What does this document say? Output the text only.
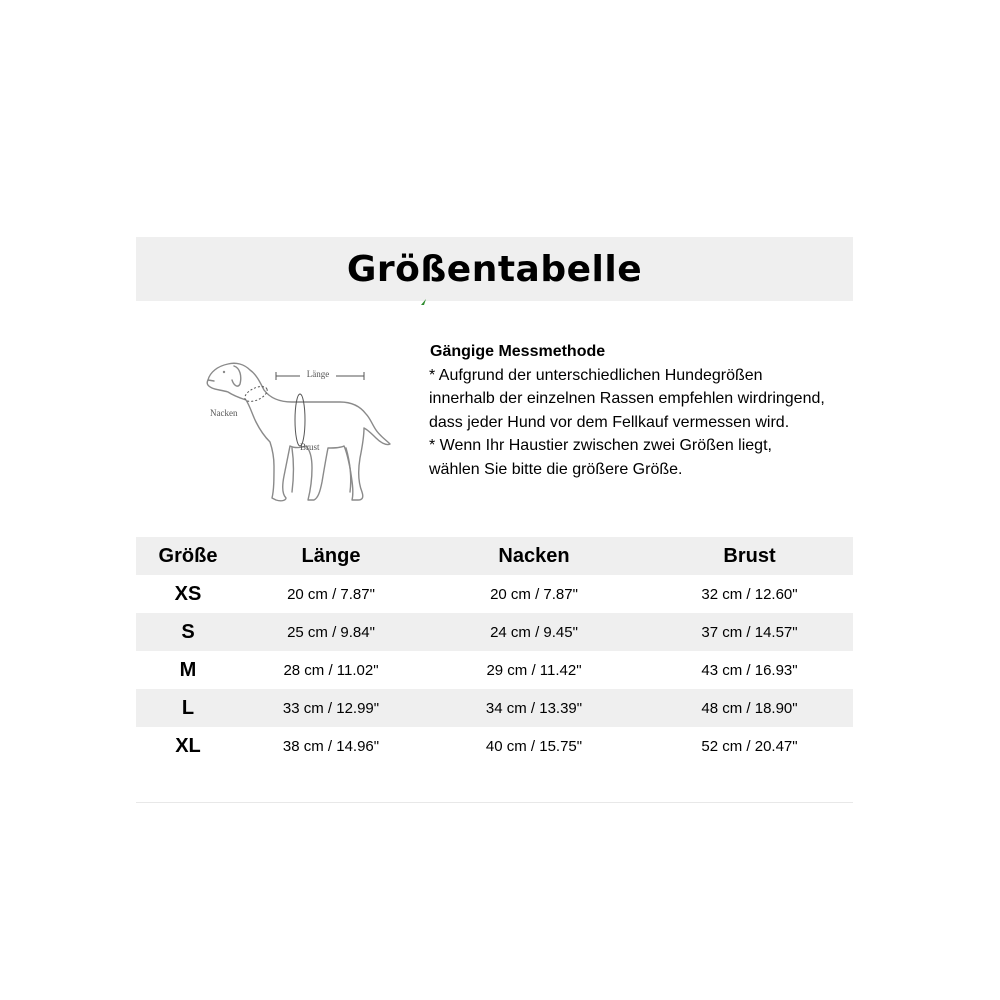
Größentabelle
Länge
Nacken
Brust

Gängige Messmethode

* Aufgrund der unterschiedlichen Hundegrößen innerhalb der einzelnen Rassen empfehlen wirdringend, dass jeder Hund vor dem Fellkauf vermessen wird.

* Wenn Ihr Haustier zwischen zwei Größen liegt, wählen Sie bitte die größere Größe.

Größe	Länge	Nacken	Brust
XS	20 cm / 7.87"	20 cm / 7.87"	32 cm / 12.60"
S	25 cm / 9.84"	24 cm / 9.45"	37 cm / 14.57"
M	28 cm / 11.02"	29 cm / 11.42"	43 cm / 16.93"
L	33 cm / 12.99"	34 cm / 13.39"	48 cm / 18.90"
XL	38 cm / 14.96"	40 cm / 15.75"	52 cm / 20.47"
